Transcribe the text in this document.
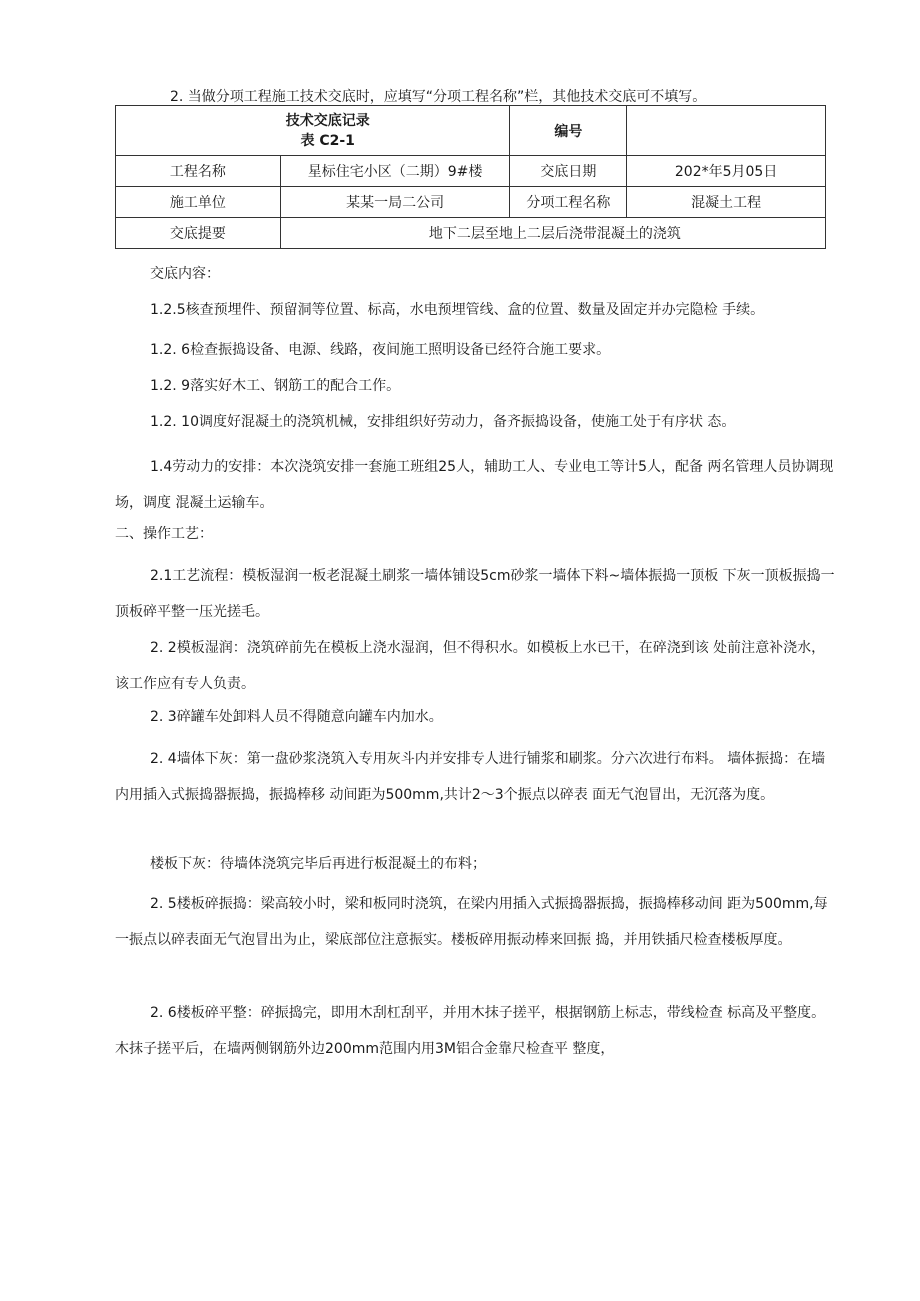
2. 当做分项工程施工技术交底时，应填写“分项工程名称”栏，其他技术交底可不填写。
技术交底记录
表 C2-1		编号	
工程名称	星标住宅小区（二期）9#楼	交底日期	202*年5月05日
施工单位	某某一局二公司	分项工程名称	混凝土工程
交底提要	地下二层至地上二层后浇带混凝土的浇筑		

交底内容：

1.2.5核查预埋件、预留洞等位置、标高，水电预埋管线、盒的位置、数量及固定并办完隐检 手续。

1.2. 6检查振捣设备、电源、线路，夜间施工照明设备已经符合施工要求。

1.2. 9落实好木工、钢筋工的配合工作。

1.2. 10调度好混凝土的浇筑机械，安排组织好劳动力，备齐振捣设备，使施工处于有序状 态。

1.4劳动力的安排：本次浇筑安排一套施工班组25人，辅助工人、专业电工等计5人，配备 两名管理人员协调现场，调度 混凝土运输车。

二、操作工艺：

2.1工艺流程：模板湿润一板老混凝土刷浆一墙体铺设5cm砂浆一墙体下料~墙体振捣一顶板 下灰一顶板振捣一顶板碎平整一压光搓毛。

2. 2模板湿润：浇筑碎前先在模板上浇水湿润，但不得积水。如模板上水已干，在碎浇到该 处前注意补浇水，该工作应有专人负责。

2. 3碎罐车处卸料人员不得随意向罐车内加水。

2. 4墙体下灰：第一盘砂浆浇筑入专用灰斗内并安排专人进行铺浆和刷浆。分六次进行布料。 墙体振捣：在墙内用插入式振捣器振捣，振捣棒移 动间距为500mm,共计2～3个振点以碎表 面无气泡冒出，无沉落为度。

楼板下灰：待墙体浇筑完毕后再进行板混凝土的布料；

2. 5楼板碎振捣：梁高较小时，梁和板同时浇筑，在梁内用插入式振捣器振捣，振捣棒移动间 距为500mm,每一振点以碎表面无气泡冒出为止，梁底部位注意振实。楼板碎用振动棒来回振 捣，并用铁插尺检查楼板厚度。

2. 6楼板碎平整：碎振捣完，即用木刮杠刮平，并用木抹子搓平，根据钢筋上标志，带线检查 标高及平整度。木抹子搓平后，在墙两侧钢筋外边200mm范围内用3M铝合金靠尺检查平 整度，
